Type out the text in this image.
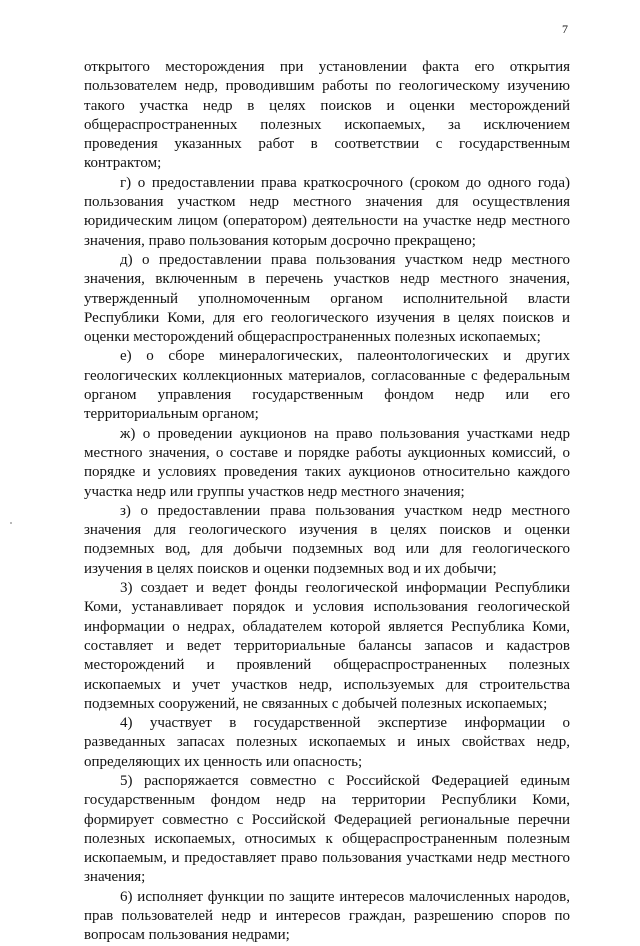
7

открытого месторождения при установлении факта его открытия пользователем недр, проводившим работы по геологическому изучению такого участка недр в целях поисков и оценки месторождений общераспространенных полезных ископаемых, за исключением проведения указанных работ в соответствии с государственным контрактом;

г) о предоставлении права краткосрочного (сроком до одного года) пользования участком недр местного значения для осуществления юридическим лицом (оператором) деятельности на участке недр местного значения, право пользования которым досрочно прекращено;

д) о предоставлении права пользования участком недр местного значения, включенным в перечень участков недр местного значения, утвержденный уполномоченным органом исполнительной власти Республики Коми, для его геологического изучения в целях поисков и оценки месторождений общераспространенных полезных ископаемых;

е) о сборе минералогических, палеонтологических и других геологических коллекционных материалов, согласованные с федеральным органом управления государственным фондом недр или его территориальным органом;

ж) о проведении аукционов на право пользования участками недр местного значения, о составе и порядке работы аукционных комиссий, о порядке и условиях проведения таких аукционов относительно каждого участка недр или группы участков недр местного значения;

з) о предоставлении права пользования участком недр местного значения для геологического изучения в целях поисков и оценки подземных вод, для добычи подземных вод или для геологического изучения в целях поисков и оценки подземных вод и их добычи;

3) создает и ведет фонды геологической информации Республики Коми, устанавливает порядок и условия использования геологической информации о недрах, обладателем которой является Республика Коми, составляет и ведет территориальные балансы запасов и кадастров месторождений и проявлений общераспространенных полезных ископаемых и учет участков недр, используемых для строительства подземных сооружений, не связанных с добычей полезных ископаемых;

4) участвует в государственной экспертизе информации о разведанных запасах полезных ископаемых и иных свойствах недр, определяющих их ценность или опасность;

5) распоряжается совместно с Российской Федерацией единым государственным фондом недр на территории Республики Коми, формирует совместно с Российской Федерацией региональные перечни полезных ископаемых, относимых к общераспространенным полезным ископаемым, и предоставляет право пользования участками недр местного значения;

6) исполняет функции по защите интересов малочисленных народов, прав пользователей недр и интересов граждан, разрешению споров по вопросам пользования недрами;
